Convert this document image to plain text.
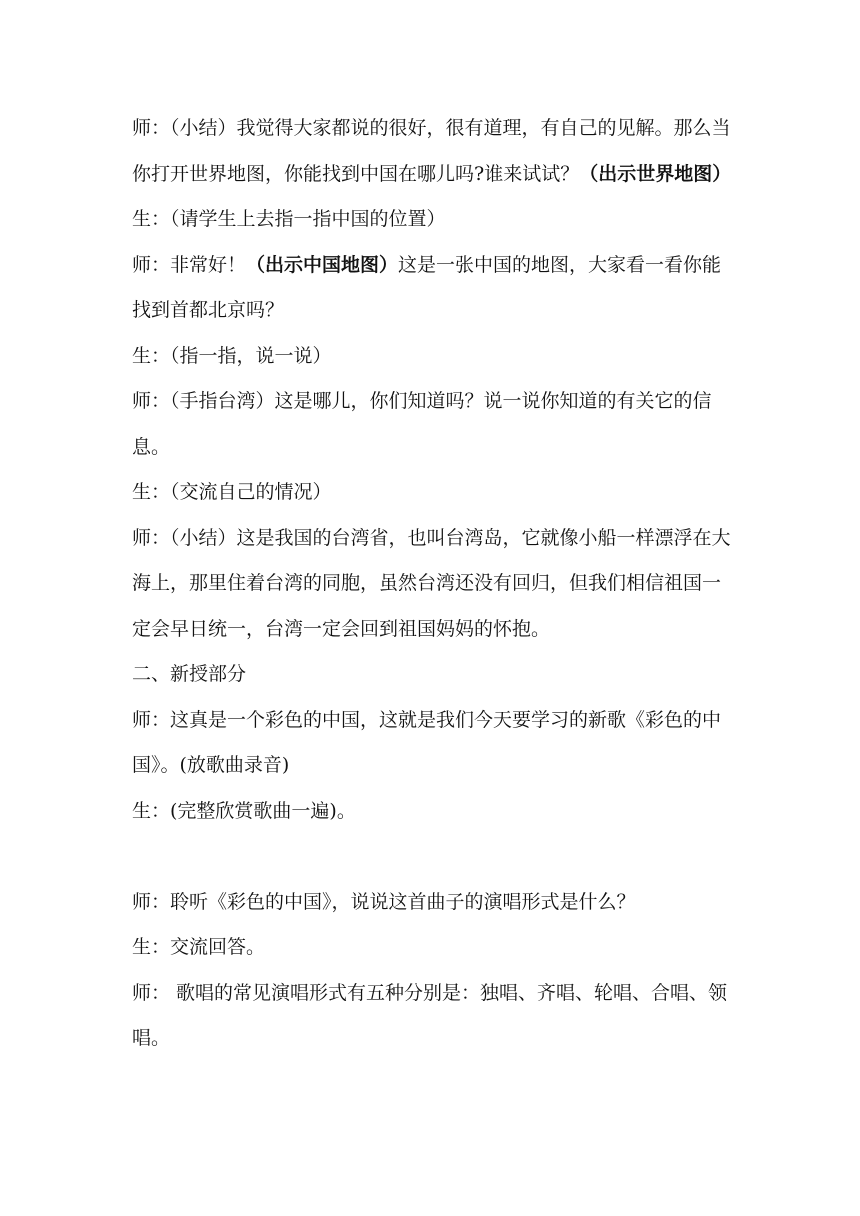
师：（小结）我觉得大家都说的很好，很有道理，有自己的见解。那么当你打开世界地图，你能找到中国在哪儿吗?谁来试试？（出示世界地图）

生：（请学生上去指一指中国的位置）

师：非常好！（出示中国地图）这是一张中国的地图，大家看一看你能找到首都北京吗？

生：（指一指，说一说）

师：（手指台湾）这是哪儿，你们知道吗？说一说你知道的有关它的信息。

生：（交流自己的情况）

师：（小结）这是我国的台湾省，也叫台湾岛，它就像小船一样漂浮在大海上，那里住着台湾的同胞，虽然台湾还没有回归，但我们相信祖国一定会早日统一，台湾一定会回到祖国妈妈的怀抱。

二、新授部分

师：这真是一个彩色的中国，这就是我们今天要学习的新歌《彩色的中国》。(放歌曲录音)

生：(完整欣赏歌曲一遍)。

师：聆听《彩色的中国》，说说这首曲子的演唱形式是什么？

生：交流回答。

师： 歌唱的常见演唱形式有五种分别是：独唱、齐唱、轮唱、合唱、领唱。
